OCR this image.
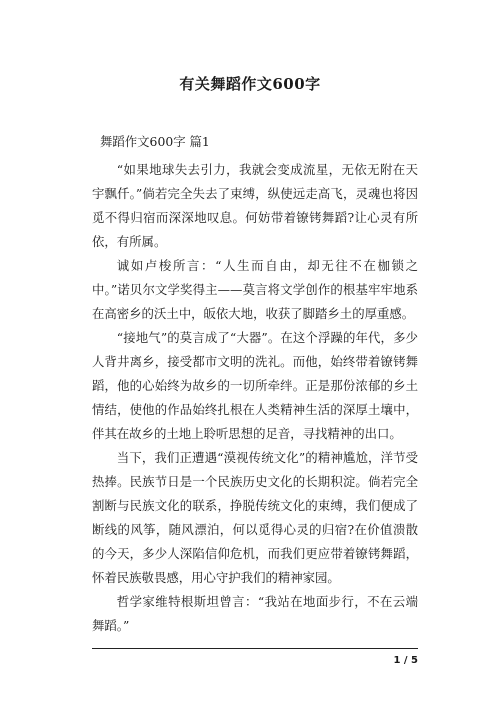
有关舞蹈作文600字

舞蹈作文600字 篇1

“如果地球失去引力，我就会变成流星，无依无附在天宇飘仟。”倘若完全失去了束缚，纵使远走高飞，灵魂也将因觅不得归宿而深深地叹息。何妨带着镣铐舞蹈?让心灵有所依，有所属。

诚如卢梭所言：“人生而自由，却无往不在枷锁之中。”诺贝尔文学奖得主——莫言将文学创作的根基牢牢地系在高密乡的沃土中，皈依大地，收获了脚踏乡土的厚重感。

“接地气”的莫言成了“大器”。在这个浮躁的年代，多少人背井离乡，接受都市文明的洗礼。而他，始终带着镣铐舞蹈，他的心始终为故乡的一切所牵绊。正是那份浓郁的乡土情结，使他的作品始终扎根在人类精神生活的深厚土壤中，伴其在故乡的土地上聆听思想的足音，寻找精神的出口。

当下，我们正遭遇“漠视传统文化”的精神尴尬，洋节受热捧。民族节日是一个民族历史文化的长期积淀。倘若完全割断与民族文化的联系，挣脱传统文化的束缚，我们便成了断线的风筝，随风漂泊，何以觅得心灵的归宿?在价值溃散的今天，多少人深陷信仰危机，而我们更应带着镣铐舞蹈，怀着民族敬畏感，用心守护我们的精神家园。

哲学家维特根斯坦曾言：“我站在地面步行，不在云端舞蹈。”

1 / 5
